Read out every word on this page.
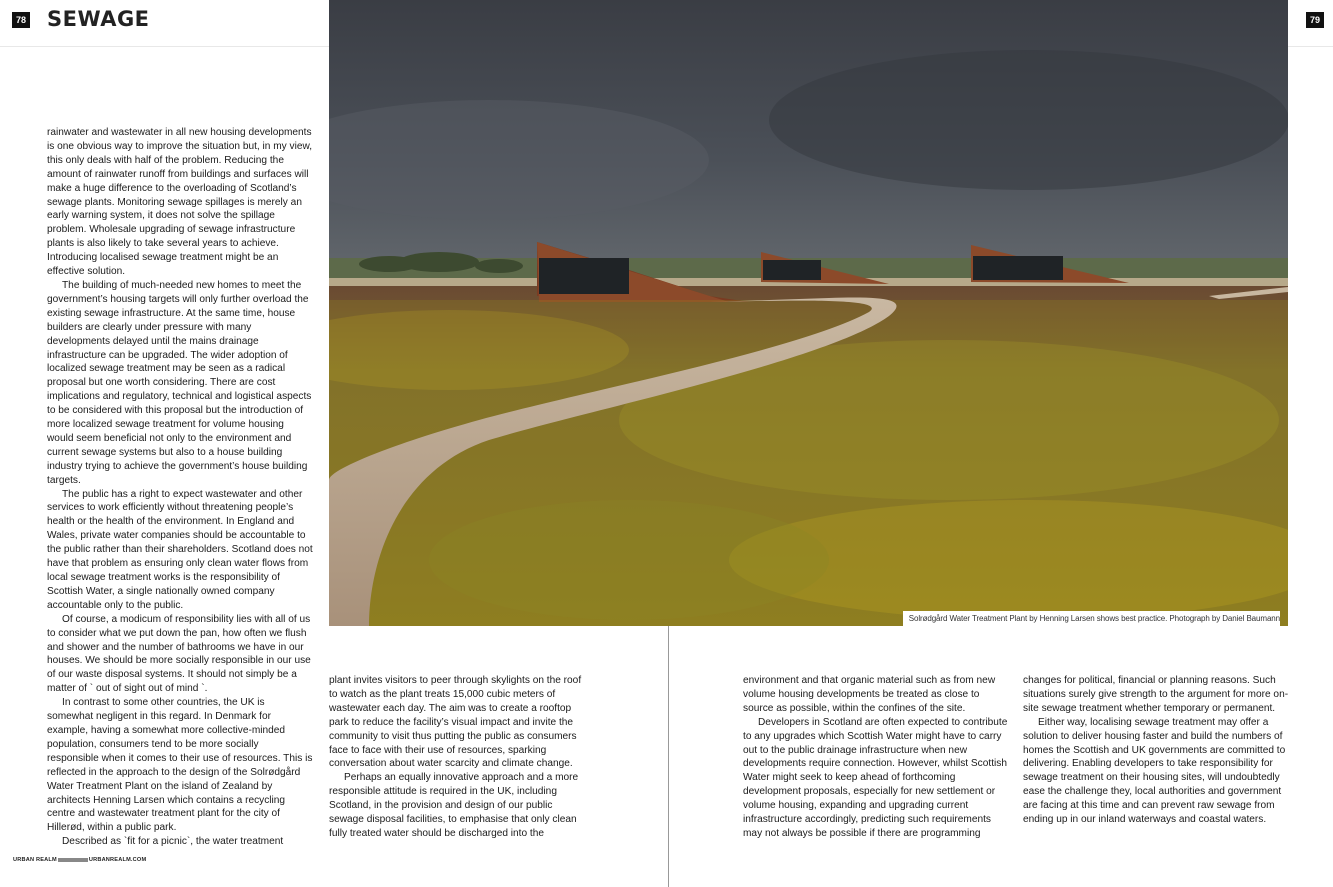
78 SEWAGE	79
Solrødgård Water Treatment Plant by Henning Larsen shows best practice. Photograph by Daniel Baumann

rainwater and wastewater in all new housing developments is one obvious way to improve the situation but, in my view, this only deals with half of the problem. Reducing the amount of rainwater runoff from buildings and surfaces will make a huge difference to the overloading of Scotland’s sewage plants. Monitoring sewage spillages is merely an early warning system, it does not solve the spillage problem. Wholesale upgrading of sewage infrastructure plants is also likely to take several years to achieve. Introducing localised sewage treatment might be an effective solution.

The building of much-needed new homes to meet the government’s housing targets will only further overload the existing sewage infrastructure. At the same time, house builders are clearly under pressure with many developments delayed until the mains drainage infrastructure can be upgraded. The wider adoption of localized sewage treatment may be seen as a radical proposal but one worth considering. There are cost implications and regulatory, technical and logistical aspects to be considered with this proposal but the introduction of more localized sewage treatment for volume housing would seem beneficial not only to the environment and current sewage systems but also to a house building industry trying to achieve the government’s house building targets.

The public has a right to expect wastewater and other services to work efficiently without threatening people’s health or the health of the environment. In England and Wales, private water companies should be accountable to the public rather than their shareholders. Scotland does not have that problem as ensuring only clean water flows from local sewage treatment works is the responsibility of Scottish Water, a single nationally owned company accountable only to the public.

Of course, a modicum of responsibility lies with all of us to consider what we put down the pan, how often we flush and shower and the number of bathrooms we have in our houses. We should be more socially responsible in our use of our waste disposal systems. It should not simply be a matter of ` out of sight out of mind `.

In contrast to some other countries, the UK is somewhat negligent in this regard. In Denmark for example, having a somewhat more collective-minded population, consumers tend to be more socially responsible when it comes to their use of resources. This is reflected in the approach to the design of the Solrødgård Water Treatment Plant on the island of Zealand by architects Henning Larsen which contains a recycling centre and wastewater treatment plant for the city of Hillerød, within a public park.

Described as `fit for a picnic`, the water treatment

plant invites visitors to peer through skylights on the roof to watch as the plant treats 15,000 cubic meters of wastewater each day. The aim was to create a rooftop park to reduce the facility’s visual impact and invite the community to visit thus putting the public as consumers face to face with their use of resources, sparking conversation about water scarcity and climate change.

Perhaps an equally innovative approach and a more responsible attitude is required in the UK, including Scotland, in the provision and design of our public sewage disposal facilities, to emphasise that only clean fully treated water should be discharged into the

environment and that organic material such as from new volume housing developments be treated as close to source as possible, within the confines of the site.

Developers in Scotland are often expected to contribute to any upgrades which Scottish Water might have to carry out to the public drainage infrastructure when new developments require connection. However, whilst Scottish Water might seek to keep ahead of forthcoming development proposals, especially for new settlement or volume housing, expanding and upgrading current infrastructure accordingly, predicting such requirements may not always be possible if there are programming

changes for political, financial or planning reasons. Such situations surely give strength to the argument for more on-site sewage treatment whether temporary or permanent.

Either way, localising sewage treatment may offer a solution to deliver housing faster and build the numbers of homes the Scottish and UK governments are committed to delivering. Enabling developers to take responsibility for sewage treatment on their housing sites, will undoubtedly ease the challenge they, local authorities and government are facing at this time and can prevent raw sewage from ending up in our inland waterways and coastal waters.

URBAN REALM	URBANREALM.COM
